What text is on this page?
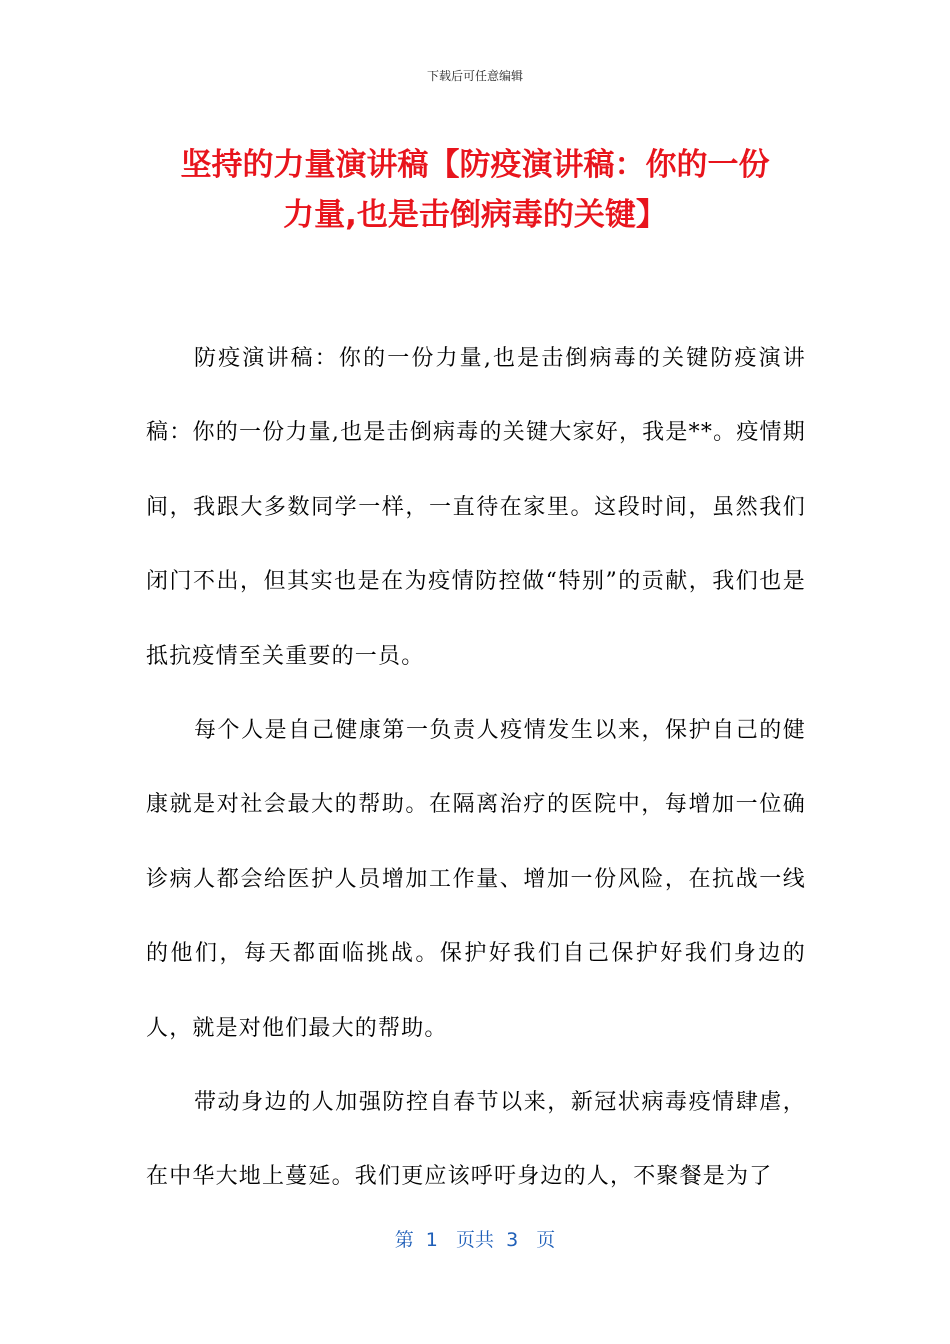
下载后可任意编辑
坚持的力量演讲稿【防疫演讲稿：你的一份
力量,也是击倒病毒的关键】

防疫演讲稿：你的一份力量,也是击倒病毒的关键防疫演讲稿：你的一份力量,也是击倒病毒的关键大家好，我是**。疫情期间，我跟大多数同学一样，一直待在家里。这段时间，虽然我们闭门不出，但其实也是在为疫情防控做“特别”的贡献，我们也是抵抗疫情至关重要的一员。

每个人是自己健康第一负责人疫情发生以来，保护自己的健康就是对社会最大的帮助。在隔离治疗的医院中，每增加一位确诊病人都会给医护人员增加工作量、增加一份风险，在抗战一线的他们，每天都面临挑战。保护好我们自己保护好我们身边的人，就是对他们最大的帮助。

带动身边的人加强防控自春节以来，新冠状病毒疫情肆虐，在中华大地上蔓延。我们更应该呼吁身边的人，不聚餐是为了

第  1   页共  3   页
